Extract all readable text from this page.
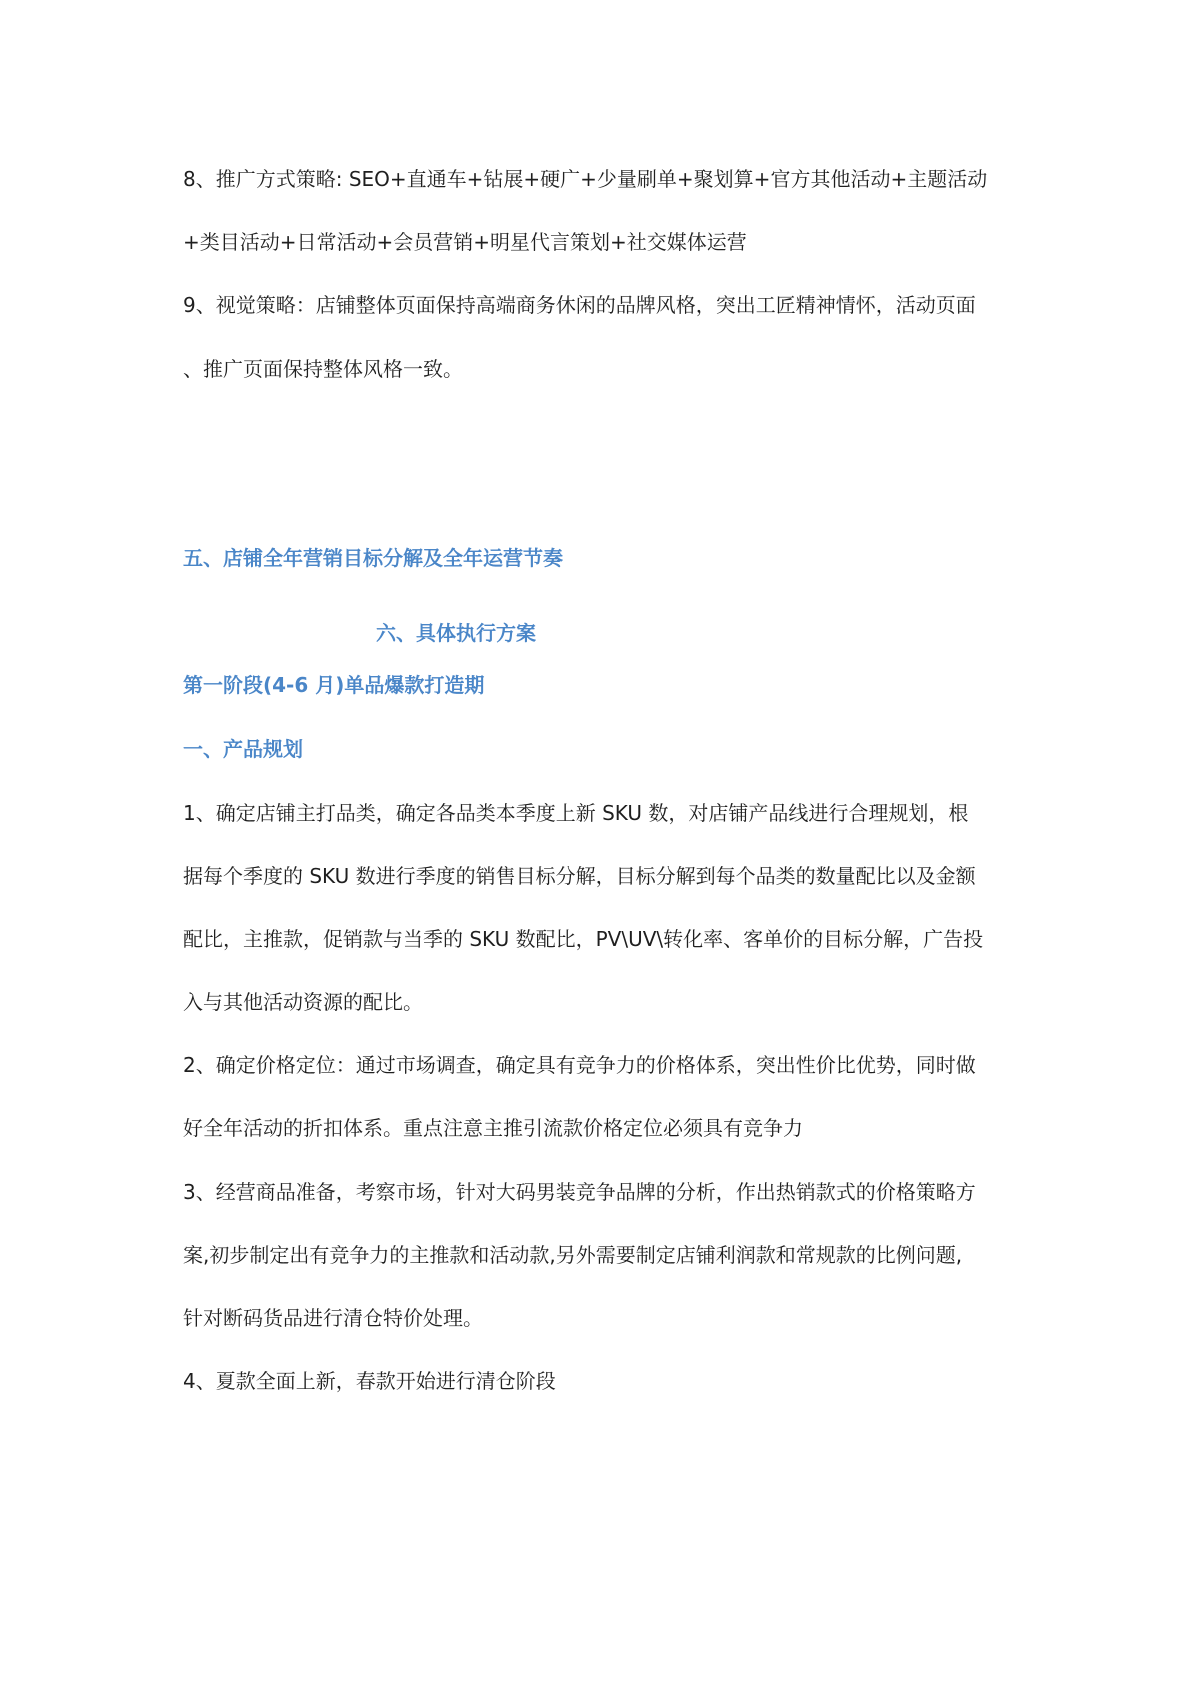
8、推广方式策略: SEO+直通车+钻展+硬广+少量刷单+聚划算+官方其他活动+主题活动
+类目活动+日常活动+会员营销+明星代言策划+社交媒体运营
9、视觉策略：店铺整体页面保持高端商务休闲的品牌风格，突出工匠精神情怀，活动页面
、推广页面保持整体风格一致。
五、店铺全年营销目标分解及全年运营节奏
六、具体执行方案
第一阶段(4-6 月)单品爆款打造期
一、产品规划
1、确定店铺主打品类，确定各品类本季度上新 SKU 数，对店铺产品线进行合理规划，根
据每个季度的 SKU 数进行季度的销售目标分解，目标分解到每个品类的数量配比以及金额
配比，主推款，促销款与当季的 SKU 数配比，PV\UV\转化率、客单价的目标分解，广告投
入与其他活动资源的配比。
2、确定价格定位：通过市场调查，确定具有竞争力的价格体系，突出性价比优势，同时做
好全年活动的折扣体系。重点注意主推引流款价格定位必须具有竞争力
3、经营商品准备，考察市场，针对大码男装竞争品牌的分析，作出热销款式的价格策略方
案,初步制定出有竞争力的主推款和活动款,另外需要制定店铺利润款和常规款的比例问题,
针对断码货品进行清仓特价处理。
4、夏款全面上新，春款开始进行清仓阶段
